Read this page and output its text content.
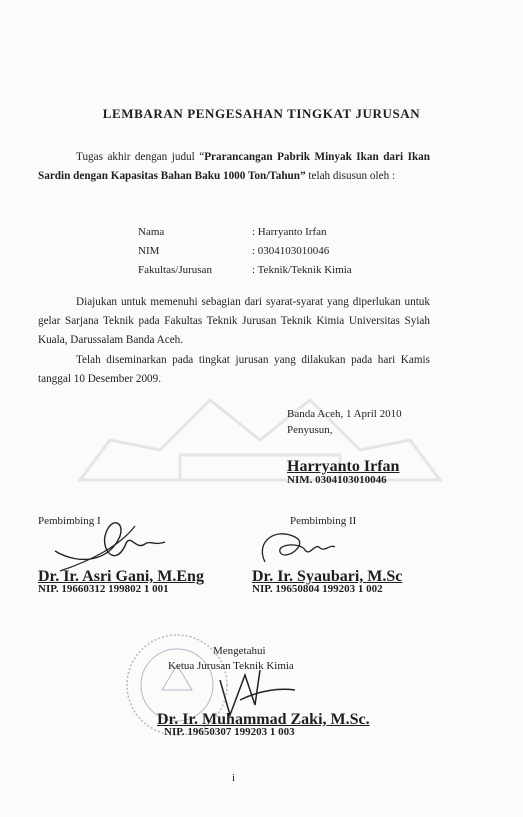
LEMBARAN PENGESAHAN TINGKAT JURUSAN
Tugas akhir dengan judul “Prarancangan Pabrik Minyak Ikan dari Ikan Sardin dengan Kapasitas Bahan Baku 1000 Ton/Tahun” telah disusun oleh :
Nama	: Harryanto Irfan
NIM	: 0304103010046
Fakultas/Jurusan	: Teknik/Teknik Kimia
Diajukan untuk memenuhi sebagian dari syarat-syarat yang diperlukan untuk gelar Sarjana Teknik pada Fakultas Teknik Jurusan Teknik Kimia Universitas Syiah Kuala, Darussalam Banda Aceh.
Telah diseminarkan pada tingkat jurusan yang dilakukan pada hari Kamis tanggal 10 Desember 2009.
Banda Aceh, 1 April 2010
Penyusun,
Harryanto Irfan
NIM. 0304103010046
Pembimbing I
Dr. Ir. Asri Gani, M.Eng
NIP. 19660312 199802 1 001
Pembimbing II
Dr. Ir. Syaubari, M.Sc
NIP. 19650804 199203 1 002
Mengetahui
Ketua Jurusan Teknik Kimia
Dr. Ir. Muhammad Zaki, M.Sc.
NIP. 19650307 199203 1 003
i
